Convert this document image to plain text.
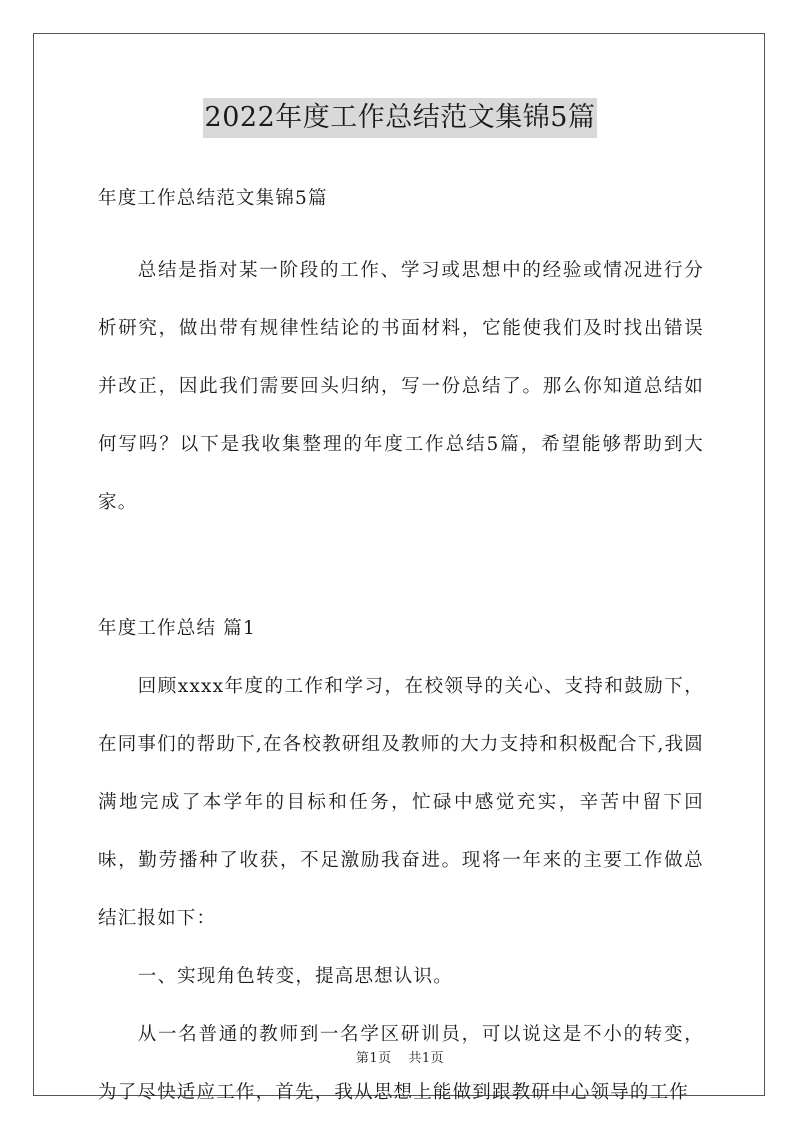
2022年度工作总结范文集锦5篇

年度工作总结范文集锦5篇

总结是指对某一阶段的工作、学习或思想中的经验或情况进行分析研究，做出带有规律性结论的书面材料，它能使我们及时找出错误并改正，因此我们需要回头归纳，写一份总结了。那么你知道总结如何写吗？以下是我收集整理的年度工作总结5篇，希望能够帮助到大家。

年度工作总结 篇1

回顾xxxx年度的工作和学习，在校领导的关心、支持和鼓励下，在同事们的帮助下,在各校教研组及教师的大力支持和积极配合下,我圆满地完成了本学年的目标和任务，忙碌中感觉充实，辛苦中留下回味，勤劳播种了收获，不足激励我奋进。现将一年来的主要工作做总结汇报如下：

一、实现角色转变，提高思想认识。

从一名普通的教师到一名学区研训员，可以说这是不小的转变，为了尽快适应工作，首先，我从思想上能做到跟教研中心领导的工作

第1页 共1页
